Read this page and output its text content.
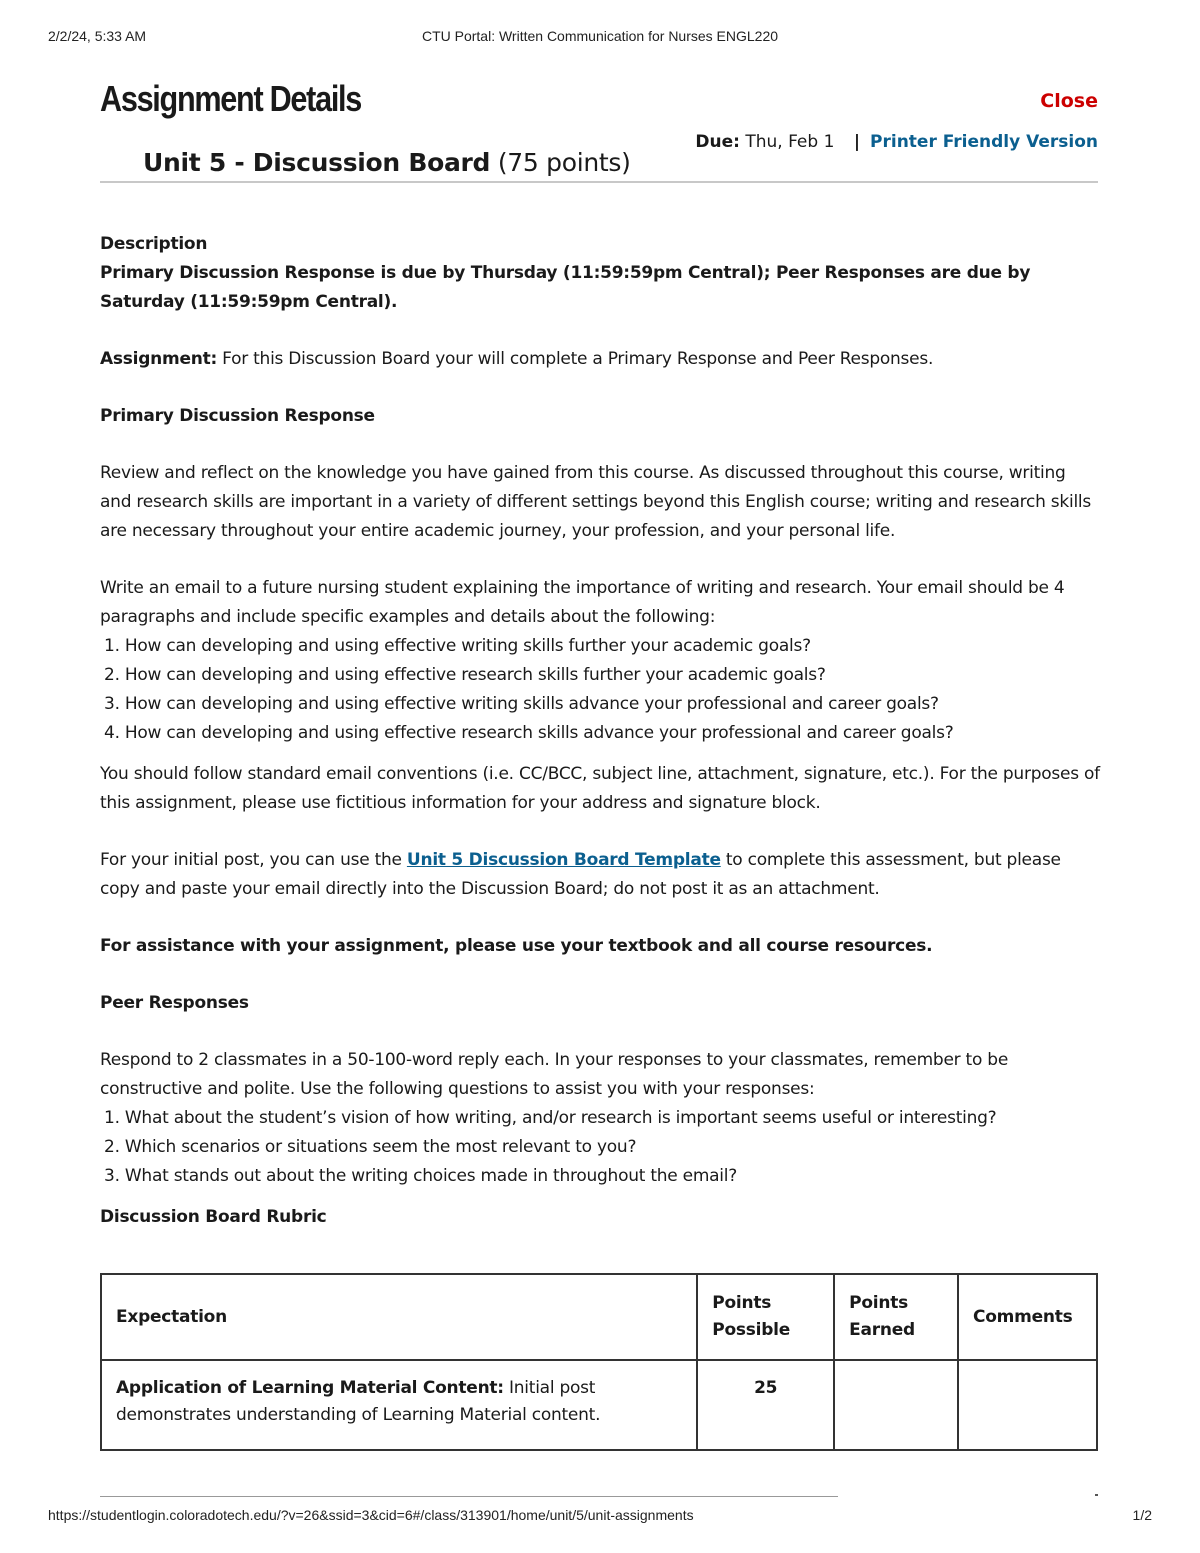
2/2/24, 5:33 AM	CTU Portal: Written Communication for Nurses ENGL220
Assignment Details	Close
Due: Thu, Feb 1 | Printer Friendly Version
Unit 5 - Discussion Board (75 points)

Description

Primary Discussion Response is due by Thursday (11:59:59pm Central); Peer Responses are due by Saturday (11:59:59pm Central).

Assignment: For this Discussion Board your will complete a Primary Response and Peer Responses.

Primary Discussion Response

Review and reflect on the knowledge you have gained from this course. As discussed throughout this course, writing and research skills are important in a variety of different settings beyond this English course; writing and research skills are necessary throughout your entire academic journey, your profession, and your personal life.

Write an email to a future nursing student explaining the importance of writing and research. Your email should be 4 paragraphs and include specific examples and details about the following:

1. How can developing and using effective writing skills further your academic goals?
2. How can developing and using effective research skills further your academic goals?
3. How can developing and using effective writing skills advance your professional and career goals?
4. How can developing and using effective research skills advance your professional and career goals?

You should follow standard email conventions (i.e. CC/BCC, subject line, attachment, signature, etc.). For the purposes of this assignment, please use fictitious information for your address and signature block.

For your initial post, you can use the Unit 5 Discussion Board Template to complete this assessment, but please copy and paste your email directly into the Discussion Board; do not post it as an attachment.

For assistance with your assignment, please use your textbook and all course resources.

Peer Responses

Respond to 2 classmates in a 50-100-word reply each. In your responses to your classmates, remember to be constructive and polite. Use the following questions to assist you with your responses:

1. What about the student’s vision of how writing, and/or research is important seems useful or interesting?
2. Which scenarios or situations seem the most relevant to you?
3. What stands out about the writing choices made in throughout the email?

Discussion Board Rubric

Expectation	Points Possible	Points Earned	Comments
Application of Learning Material Content: Initial post demonstrates understanding of Learning Material content.	25		
https://studentlogin.coloradotech.edu/?v=26&ssid=3&cid=6#/class/313901/home/unit/5/unit-assignments	1/2
